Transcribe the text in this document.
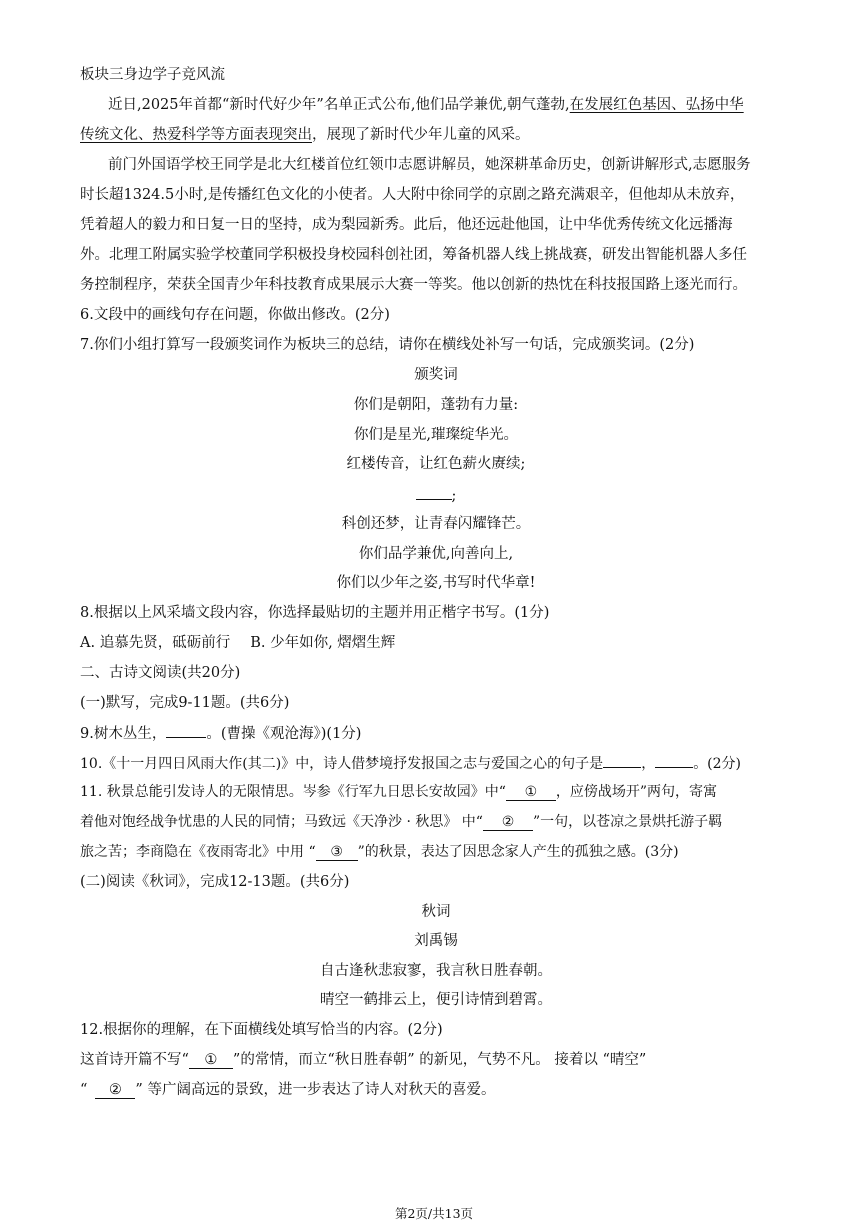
板块三身边学子竞风流
近日,2025年首都“新时代好少年”名单正式公布,他们品学兼优,朝气蓬勃,在发展红色基因、弘扬中华
传统文化、热爱科学等方面表现突出，展现了新时代少年儿童的风采。
前门外国语学校王同学是北大红楼首位红领巾志愿讲解员，她深耕革命历史，创新讲解形式,志愿服务
时长超1324.5小时,是传播红色文化的小使者。人大附中徐同学的京剧之路充满艰辛，但他却从未放弃，
凭着超人的毅力和日复一日的坚持，成为梨园新秀。此后，他还远赴他国，让中华优秀传统文化远播海
外。北理工附属实验学校董同学积极投身校园科创社团，筹备机器人线上挑战赛，研发出智能机器人多任
务控制程序，荣获全国青少年科技教育成果展示大赛一等奖。他以创新的热忱在科技报国路上逐光而行。
6.文段中的画线句存在问题，你做出修改。(2分)
7.你们小组打算写一段颁奖词作为板块三的总结，请你在横线处补写一句话，完成颁奖词。(2分)
颁奖词
你们是朝阳，蓬勃有力量:
你们是星光,璀璨绽华光。
红楼传音，让红色薪火赓续;
;
科创还梦，让青春闪耀锋芒。
你们品学兼优,向善向上,
你们以少年之姿,书写时代华章!
8.根据以上风采墙文段内容，你选择最贴切的主题并用正楷字书写。(1分)
A. 追慕先贤，砥砺前行 B. 少年如你, 熠熠生辉
二、古诗文阅读(共20分)
(一)默写，完成9-11题。(共6分)
9.树木丛生，	。(曹操《观沧海》)(1分)
10.《十一月四日风雨大作(其二)》中，诗人借梦境抒发报国之志与爱国之心的句子是	，	。(2分)
11. 秋景总能引发诗人的无限情思。岑参《行军九日思长安故园》中“ ① ，应傍战场开”两句，寄寓
着他对饱经战争忧患的人民的同情；马致远《天净沙 · 秋思》 中“ ② ”一句，以苍凉之景烘托游子羁
旅之苦；李商隐在《夜雨寄北》中用 “ ③ ”的秋景，表达了因思念家人产生的孤独之感。(3分)
(二)阅读《秋词》，完成12-13题。(共6分)
秋词
刘禹锡
自古逢秋悲寂寥，我言秋日胜春朝。
晴空一鹤排云上，便引诗情到碧霄。
12.根据你的理解，在下面横线处填写恰当的内容。(2分)
这首诗开篇不写“ ① ”的常情，而立“秋日胜春朝” 的新见，气势不凡。 接着以 “晴空”
“ ② ” 等广阔高远的景致，进一步表达了诗人对秋天的喜爱。
第2页/共13页
